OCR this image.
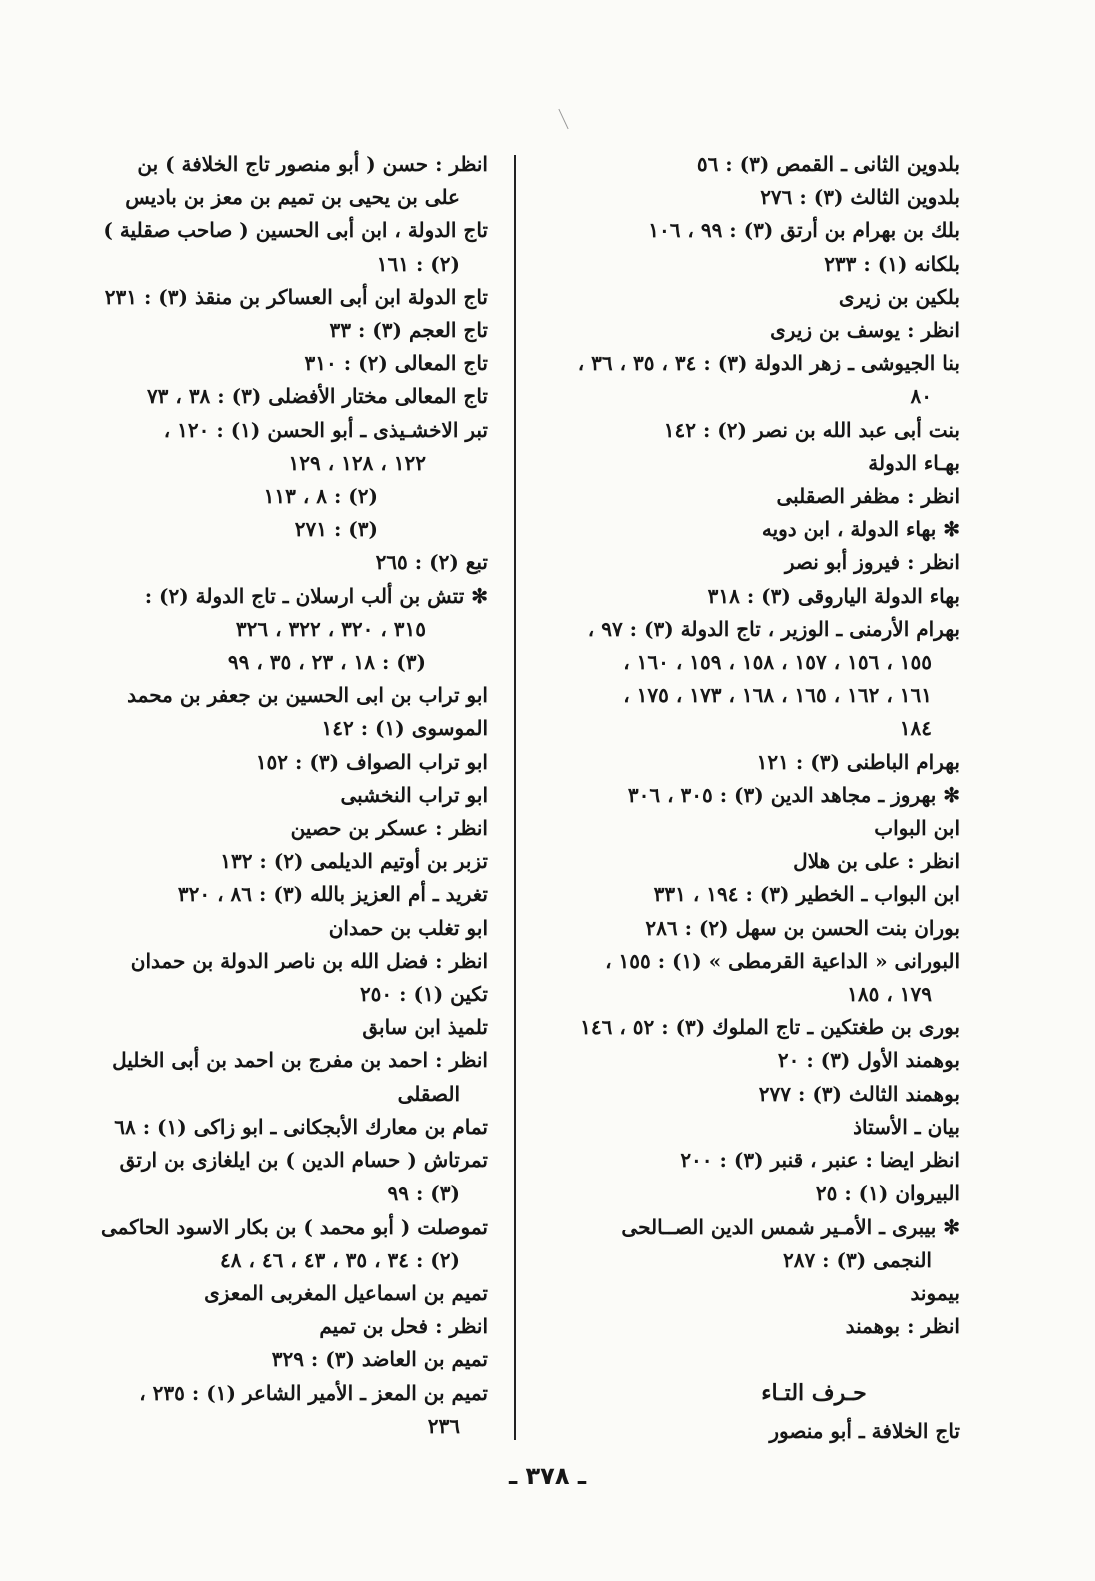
بلدوين الثانى ـ القمص (٣) : ٥٦
بلدوين الثالث (٣) : ٢٧٦
بلك بن بهرام بن أرتق (٣) : ٩٩ ، ١٠٦
بلكانه (١) : ٢٣٣
بلكين بن زيرى
انظر : يوسف بن زيرى
بنا الجيوشى ـ زهر الدولة (٣) : ٣٤ ، ٣٥ ، ٣٦ ،
٨٠
بنت أبى عبد الله بن نصر (٢) : ١٤٢
بهـاء الدولة
انظر : مظفر الصقلبى
✻ بهاء الدولة ، ابن دويه
انظر : فيروز أبو نصر
بهاء الدولة الياروقى (٣) : ٣١٨
بهرام الأرمنى ـ الوزير ، تاج الدولة (٣) : ٩٧ ،
١٥٥ ، ١٥٦ ، ١٥٧ ، ١٥٨ ، ١٥٩ ، ١٦٠ ،
١٦١ ، ١٦٢ ، ١٦٥ ، ١٦٨ ، ١٧٣ ، ١٧٥ ،
١٨٤
بهرام الباطنى (٣) : ١٢١
✻ بهروز ـ مجاهد الدين (٣) : ٣٠٥ ، ٣٠٦
ابن البواب
انظر : على بن هلال
ابن البواب ـ الخطير (٣) : ١٩٤ ، ٣٣١
بوران بنت الحسن بن سهل (٢) : ٢٨٦
البورانى « الداعية القرمطى » (١) : ١٥٥ ،
١٧٩ ، ١٨٥
بورى بن طغتكين ـ تاج الملوك (٣) : ٥٢ ، ١٤٦
بوهمند الأول (٣) : ٢٠
بوهمند الثالث (٣) : ٢٧٧
بيان ـ الأستاذ
انظر ايضا : عنبر ، قنبر (٣) : ٢٠٠
البيروان (١) : ٢٥
✻ بيبرى ـ الأمـير شمس الدين الصــالحى
النجمى (٣) : ٢٨٧
بيموند
انظر : بوهمند
حـرف التـاء
تاج الخلافة ـ أبو منصور
انظر : حسن ( أبو منصور تاج الخلافة ) بن
على بن يحيى بن تميم بن معز بن باديس
تاج الدولة ، ابن أبى الحسين ( صاحب صقلية )
(٢) : ١٦١
تاج الدولة ابن أبى العساكر بن منقذ (٣) : ٢٣١
تاج العجم (٣) : ٣٣
تاج المعالى (٢) : ٣١٠
تاج المعالى مختار الأفضلى (٣) : ٣٨ ، ٧٣
تبر الاخشـيذى ـ أبو الحسن (١) : ١٢٠ ،
١٢٢ ، ١٢٨ ، ١٢٩
(٢) : ٨ ، ١١٣
(٣) : ٢٧١
تبع (٢) : ٢٦٥
✻ تتش بن ألب ارسلان ـ تاج الدولة (٢) :
٣١٥ ، ٣٢٠ ، ٣٢٢ ، ٣٢٦
(٣) : ١٨ ، ٢٣ ، ٣٥ ، ٩٩
ابو تراب بن ابى الحسين بن جعفر بن محمد
الموسوى (١) : ١٤٢
ابو تراب الصواف (٣) : ١٥٢
ابو تراب النخشبى
انظر : عسكر بن حصين
تزبر بن أوتيم الديلمى (٢) : ١٣٢
تغريد ـ أم العزيز بالله (٣) : ٨٦ ، ٣٢٠
ابو تغلب بن حمدان
انظر : فضل الله بن ناصر الدولة بن حمدان
تكين (١) : ٢٥٠
تلميذ ابن سابق
انظر : احمد بن مفرج بن احمد بن أبى الخليل
الصقلى
تمام بن معارك الأبجكانى ـ ابو زاكى (١) : ٦٨
تمرتاش ( حسام الدين ) بن ايلغازى بن ارتق
(٣) : ٩٩
تموصلت ( أبو محمد ) بن بكار الاسود الحاكمى
(٢) : ٣٤ ، ٣٥ ، ٤٣ ، ٤٦ ، ٤٨
تميم بن اسماعيل المغربى المعزى
انظر : فحل بن تميم
تميم بن العاضد (٣) : ٣٢٩
تميم بن المعز ـ الأمير الشاعر (١) : ٢٣٥ ،
٢٣٦
ـ ٣٧٨ ـ
